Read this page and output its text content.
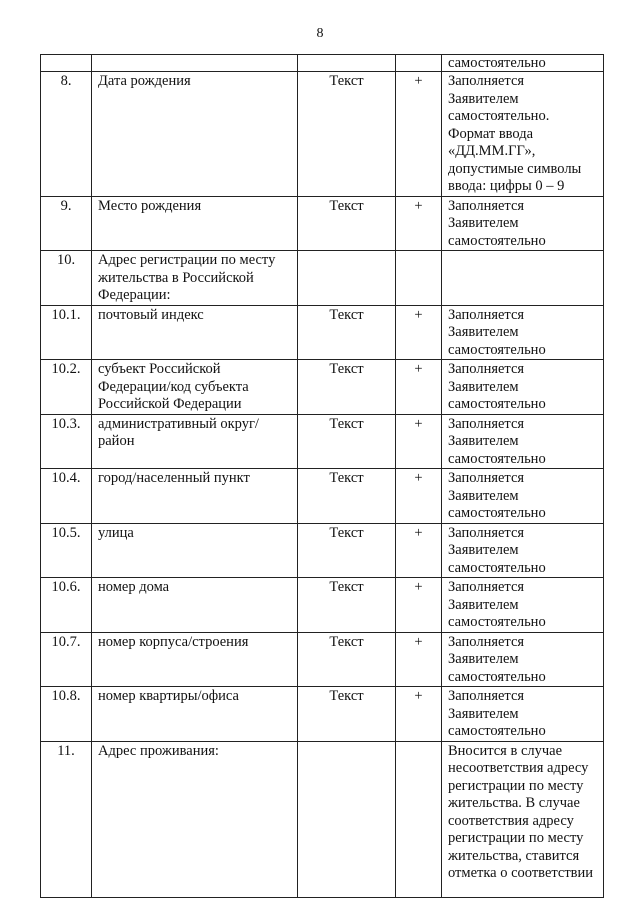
8
				самостоятельно
8.	Дата рождения	Текст	+	Заполняется Заявителем самостоятельно. Формат ввода «ДД.ММ.ГГ», допустимые символы ввода: цифры 0 – 9
9.	Место рождения	Текст	+	Заполняется Заявителем самостоятельно
10.	Адрес регистрации по месту жительства в Российской Федерации:			
10.1.	почтовый индекс	Текст	+	Заполняется Заявителем самостоятельно
10.2.	субъект Российской Федерации/код субъекта Российской Федерации	Текст	+	Заполняется Заявителем самостоятельно
10.3.	административный округ/ район	Текст	+	Заполняется Заявителем самостоятельно
10.4.	город/населенный пункт	Текст	+	Заполняется Заявителем самостоятельно
10.5.	улица	Текст	+	Заполняется Заявителем самостоятельно
10.6.	номер дома	Текст	+	Заполняется Заявителем самостоятельно
10.7.	номер корпуса/строения	Текст	+	Заполняется Заявителем самостоятельно
10.8.	номер квартиры/офиса	Текст	+	Заполняется Заявителем самостоятельно
11.	Адрес проживания:			Вносится в случае несоответствия адресу регистрации по месту жительства. В случае соответствия адресу регистрации по месту жительства, ставится отметка о соответствии
